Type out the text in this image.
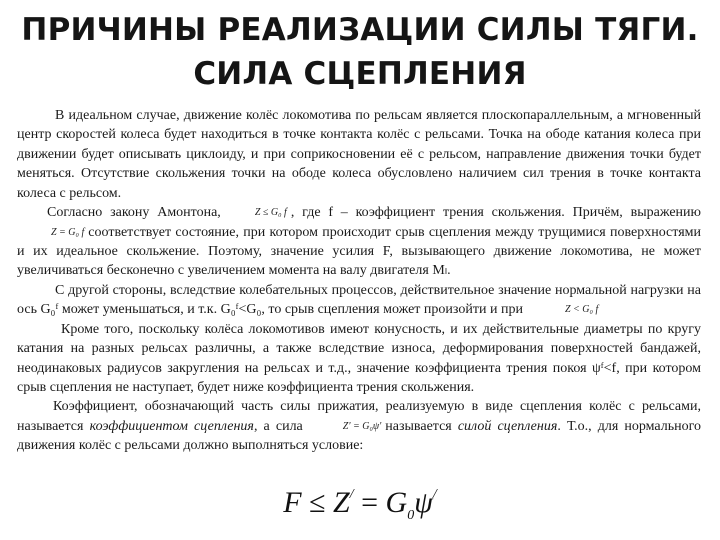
ПРИЧИНЫ РЕАЛИЗАЦИИ СИЛЫ ТЯГИ.
СИЛА СЦЕПЛЕНИЯ

В идеальном случае, движение колёс локомотива по рельсам является плоскопараллельным, а мгновенный центр скоростей колеса будет находиться в точке контакта колёс с рельсами. Точка на ободе катания колеса при движении будет описывать циклоиду, и при соприкосновении её с рельсом, направление движения точки будет меняться. Отсутствие скольжения точки на ободе колеса обусловлено наличием сил трения в точке контакта колеса с рельсом.

Согласно закону Амонтона,	Z ≤ G₀ f , где f – коэффициент трения скольжения. Причём, выражениюZ = G₀ f соответствует состояние, при котором происходит срыв сцепления между трущимися поверхностями и их идеальное скольжение. Поэтому, значение усилия F, вызывающего движение локомотива, не может увеличиваться бесконечно с увеличением момента на валу двигателя Mₗ.

С другой стороны, вследствие колебательных процессов, действительное значение нормальной нагрузки на ось G₀ᶠ может уменьшаться, и т.к. G₀ᶠ<G₀, то срыв сцепления может произойти и при	Z < G₀ f

Кроме того, поскольку колёса локомотивов имеют конусность, и их действительные диаметры по кругу катания на разных рельсах различны, а также вследствие износа, деформирования поверхностей бандажей, неодинаковых радиусов закругления на рельсах и т.д., значение коэффициента трения покоя ψᶠ<f, при котором срыв сцепления не наступает, будет ниже коэффициента трения скольжения.

Коэффициент, обозначающий часть силы прижатия, реализуемую в виде сцепления колёс с рельсами, называется коэффициентом сцепления, а сила	Z' = G₀ψ' называется силой сцепления. Т.о., для нормального движения колёс с рельсами должно выполняться условие:

$F \le Z^/ = G_0\psi^/$
